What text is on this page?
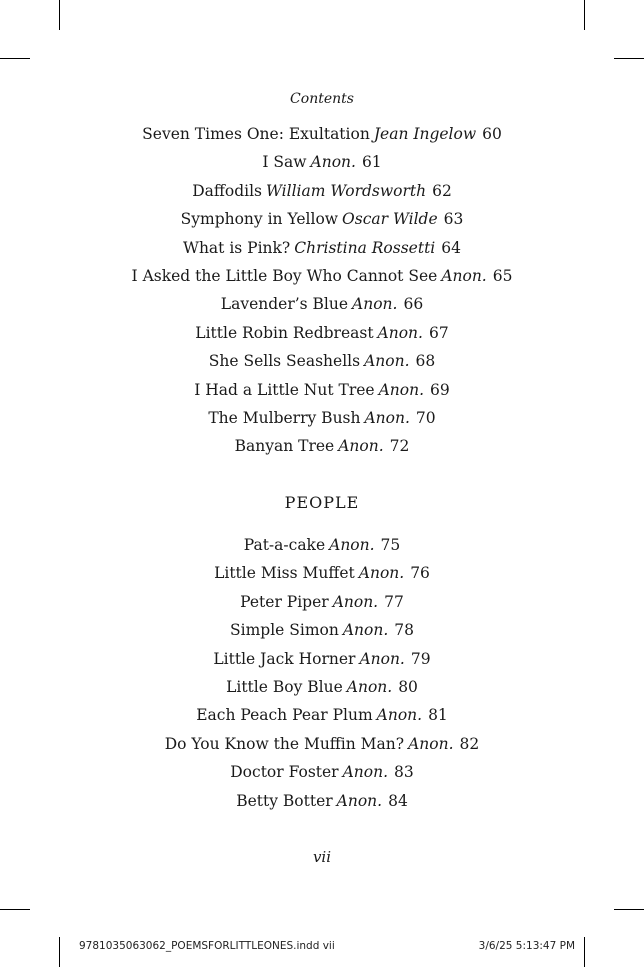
Contents
Seven Times One: Exultation Jean Ingelow 60
I Saw Anon. 61
Daffodils William Wordsworth 62
Symphony in Yellow Oscar Wilde 63
What is Pink? Christina Rossetti 64
I Asked the Little Boy Who Cannot See Anon. 65
Lavender’s Blue Anon. 66
Little Robin Redbreast Anon. 67
She Sells Seashells Anon. 68
I Had a Little Nut Tree Anon. 69
The Mulberry Bush Anon. 70
Banyan Tree Anon. 72
PEOPLE
Pat-a-cake Anon. 75
Little Miss Muffet Anon. 76
Peter Piper Anon. 77
Simple Simon Anon. 78
Little Jack Horner Anon. 79
Little Boy Blue Anon. 80
Each Peach Pear Plum Anon. 81
Do You Know the Muffin Man? Anon. 82
Doctor Foster Anon. 83
Betty Botter Anon. 84
vii
9781035063062_POEMSFORLITTLEONES.indd vii	3/6/25 5:13:47 PM
